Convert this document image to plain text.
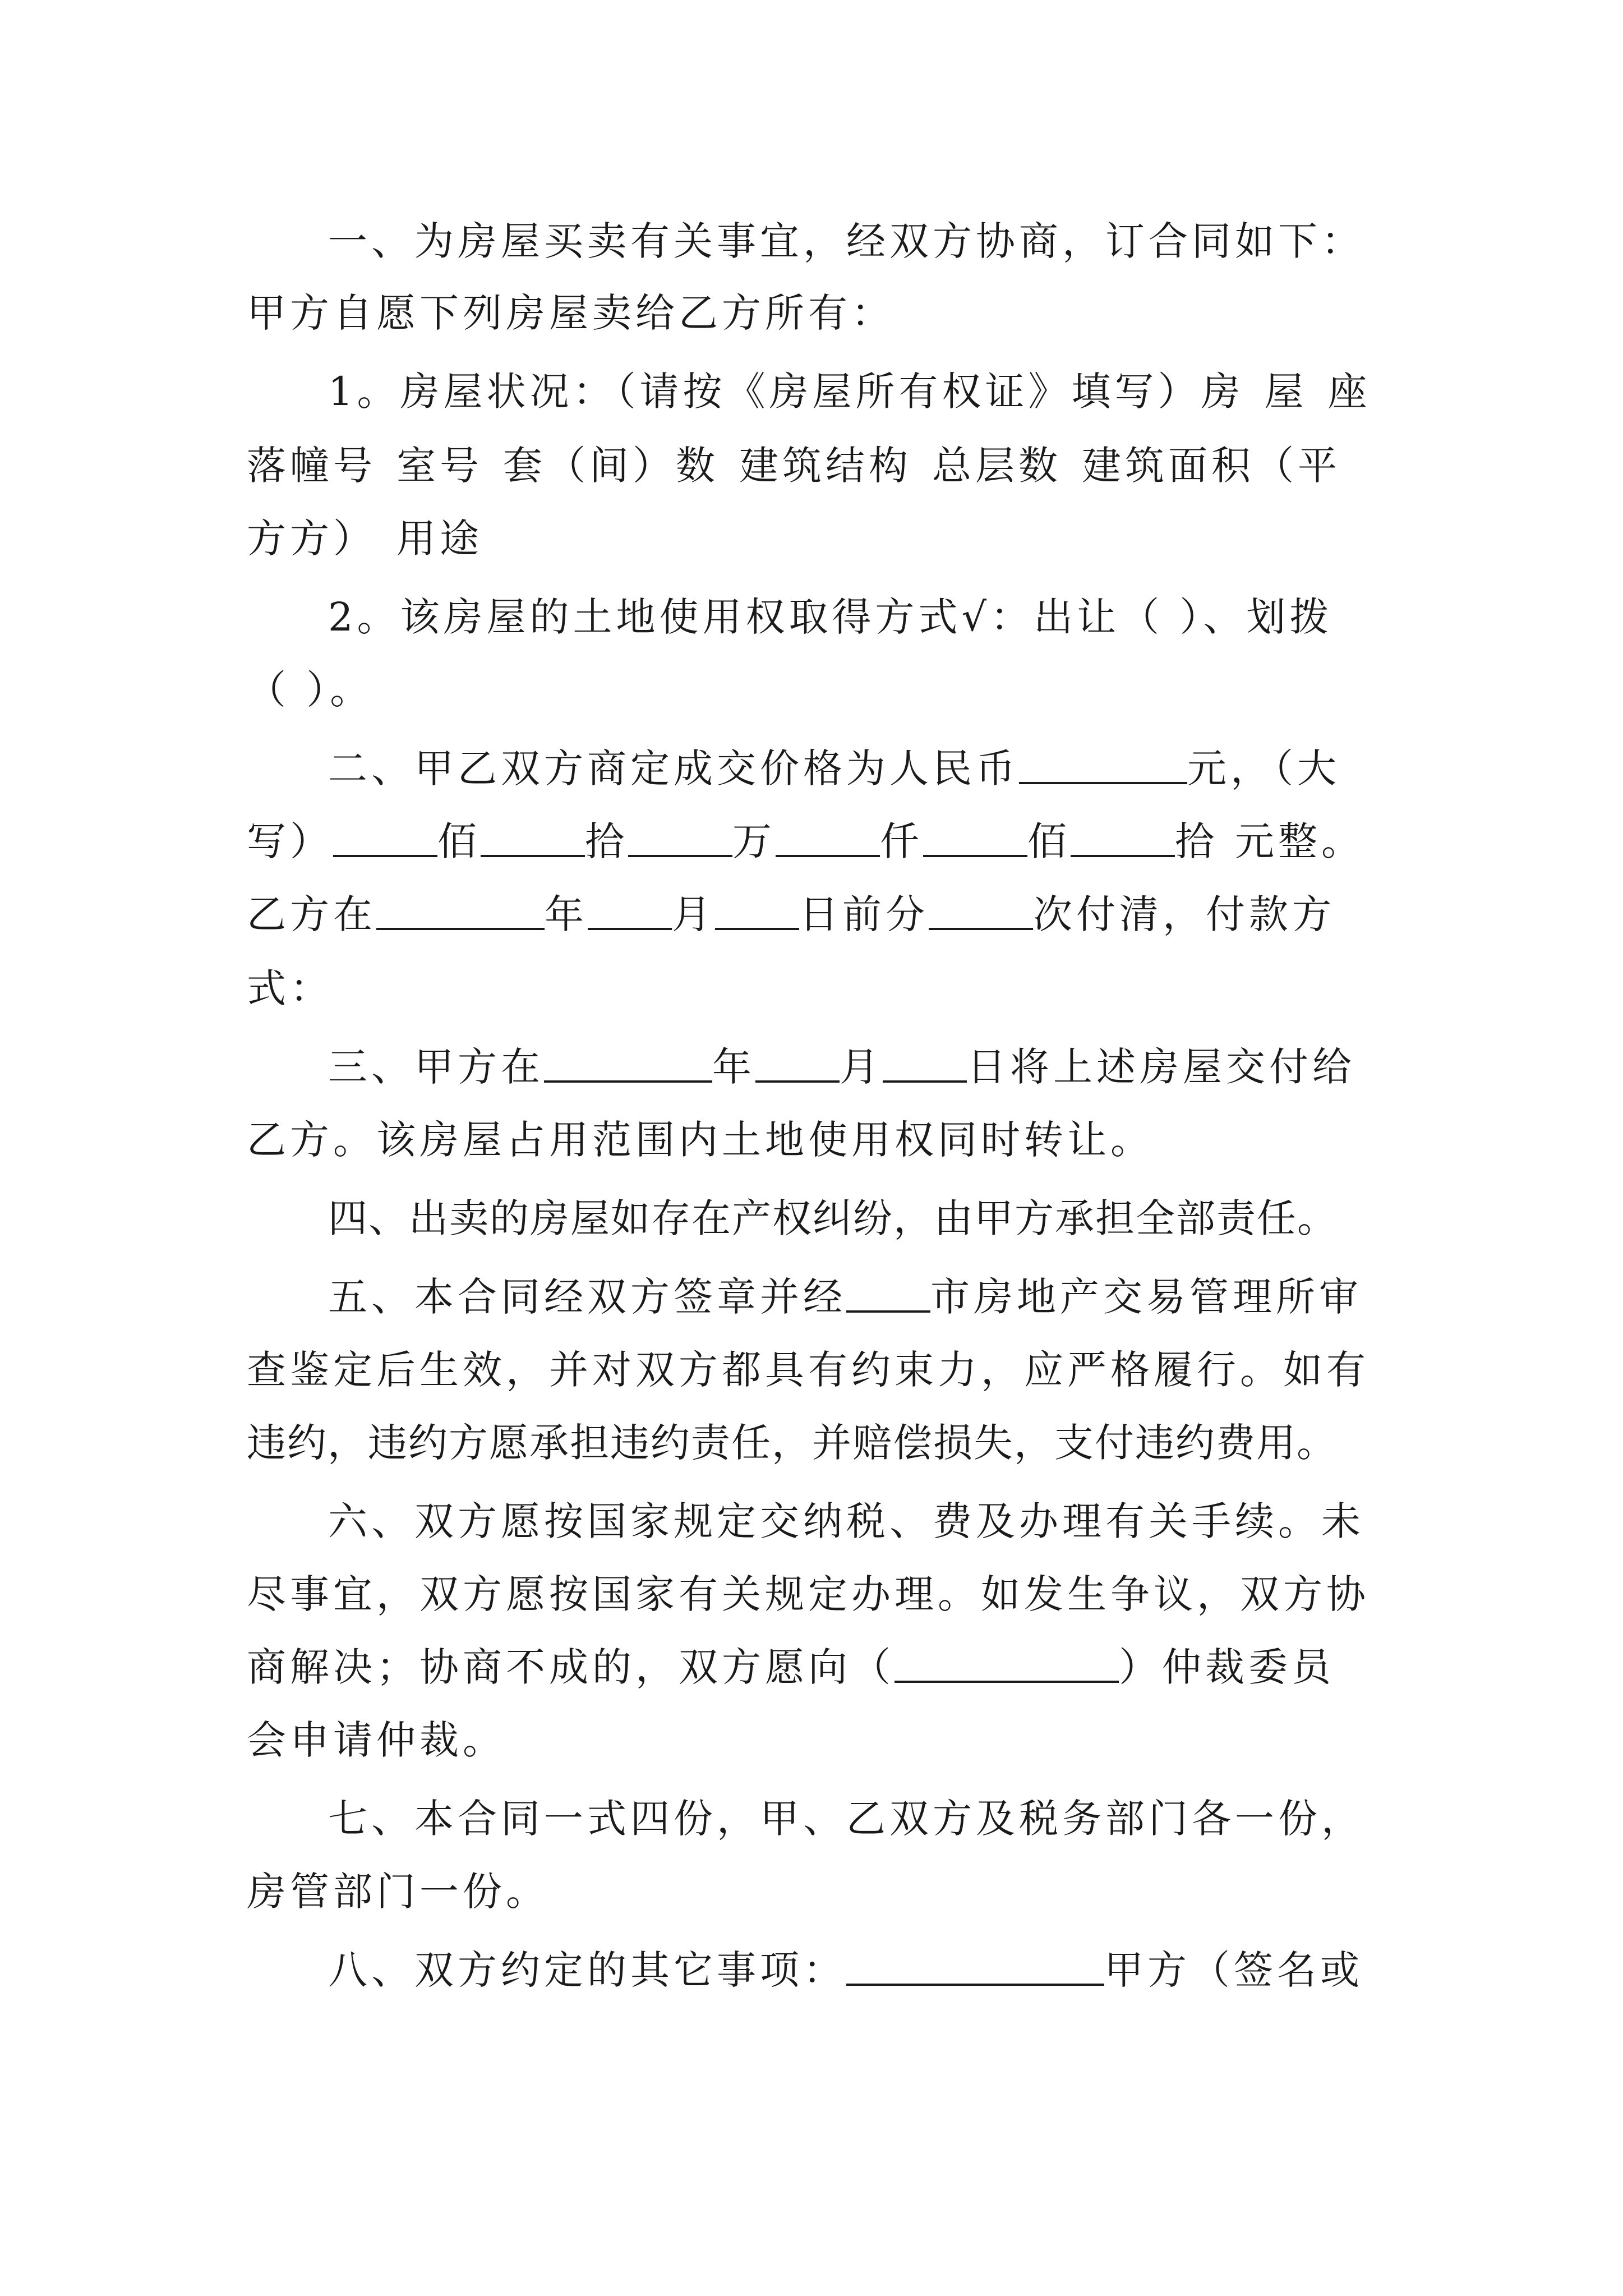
一、为房屋买卖有关事宜，经双方协商，订合同如下：
甲方自愿下列房屋卖给乙方所有：
1。房屋状况：（请按《房屋所有权证》填写）房 屋 座
落幢号 室号 套（间）数 建筑结构 总层数 建筑面积（平
方方） 用途
2。该房屋的土地使用权取得方式√：出让（ ）、划拨
（ ）。
二、甲乙双方商定成交价格为人民币	元，（大
写）	佰	拾	万	仟	佰	拾 元整。
乙方在	年 月 日前分	次付清，付款方
式：
三、甲方在	年 月 日将上述房屋交付给
乙方。该房屋占用范围内土地使用权同时转让。
四、出卖的房屋如存在产权纠纷，由甲方承担全部责任。
五、本合同经双方签章并经 市房地产交易管理所审
查鉴定后生效，并对双方都具有约束力，应严格履行。如有
违约，违约方愿承担违约责任，并赔偿损失，支付违约费用。
六、双方愿按国家规定交纳税、费及办理有关手续。未
尽事宜，双方愿按国家有关规定办理。如发生争议，双方协
商解决；协商不成的，双方愿向（	）仲裁委员
会申请仲裁。
七、本合同一式四份，甲、乙双方及税务部门各一份，
房管部门一份。
八、双方约定的其它事项：	甲方（签名或
